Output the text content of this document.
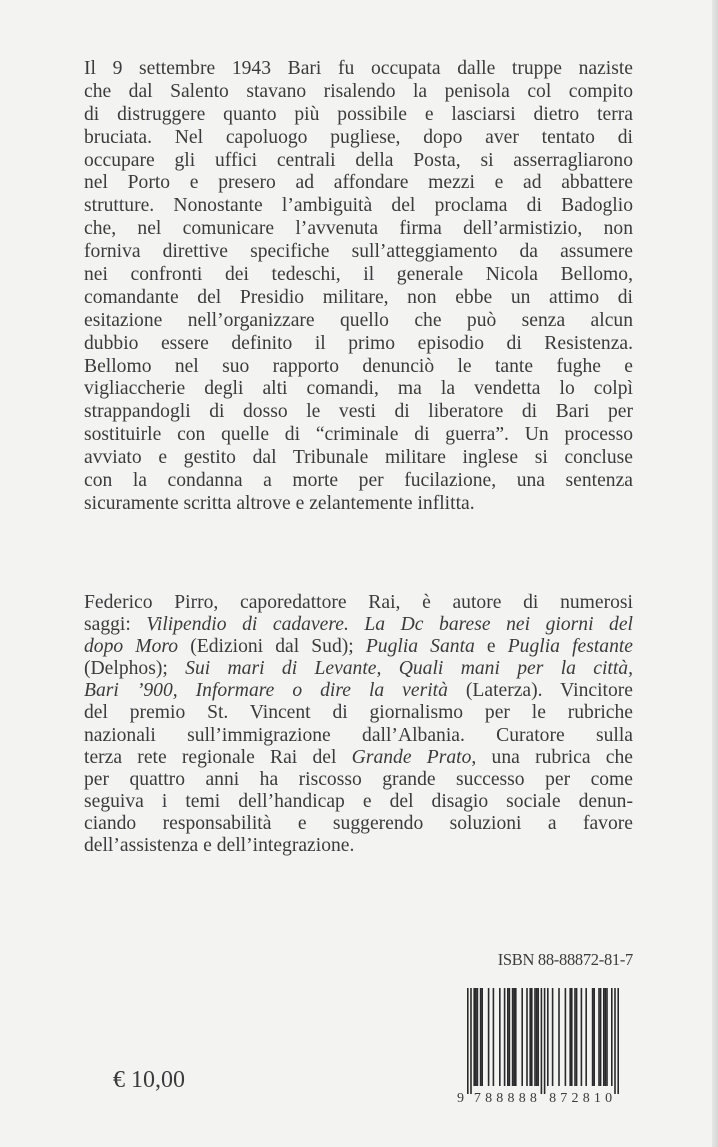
Il 9 settembre 1943 Bari fu occupata dalle truppe naziste
che dal Salento stavano risalendo la penisola col compito
di distruggere quanto più possibile e lasciarsi dietro terra
bruciata. Nel capoluogo pugliese, dopo aver tentato di
occupare gli uffici centrali della Posta, si asserragliarono
nel Porto e presero ad affondare mezzi e ad abbattere
strutture. Nonostante l’ambiguità del proclama di Badoglio
che, nel comunicare l’avvenuta firma dell’armistizio, non
forniva direttive specifiche sull’atteggiamento da assumere
nei confronti dei tedeschi, il generale Nicola Bellomo,
comandante del Presidio militare, non ebbe un attimo di
esitazione nell’organizzare quello che può senza alcun
dubbio essere definito il primo episodio di Resistenza.
Bellomo nel suo rapporto denunciò le tante fughe e
vigliaccherie degli alti comandi, ma la vendetta lo colpì
strappandogli di dosso le vesti di liberatore di Bari per
sostituirle con quelle di “criminale di guerra”. Un processo
avviato e gestito dal Tribunale militare inglese si concluse
con la condanna a morte per fucilazione, una sentenza
sicuramente scritta altrove e zelantemente inflitta.
Federico Pirro, caporedattore Rai, è autore di numerosi
saggi: Vilipendio di cadavere. La Dc barese nei giorni del
dopo Moro (Edizioni dal Sud); Puglia Santa e Puglia festante
(Delphos); Sui mari di Levante, Quali mani per la città,
Bari ’900, Informare o dire la verità (Laterza). Vincitore
del premio St. Vincent di giornalismo per le rubriche
nazionali sull’immigrazione dall’Albania. Curatore sulla
terza rete regionale Rai del Grande Prato, una rubrica che
per quattro anni ha riscosso grande successo per come
seguiva i temi dell’handicap e del disagio sociale denun-
ciando responsabilità e suggerendo soluzioni a favore
dell’assistenza e dell’integrazione.
ISBN 88-88872-81-7
9 7 8 8 8 8 8 8 7 2 8 1 0
€ 10,00
